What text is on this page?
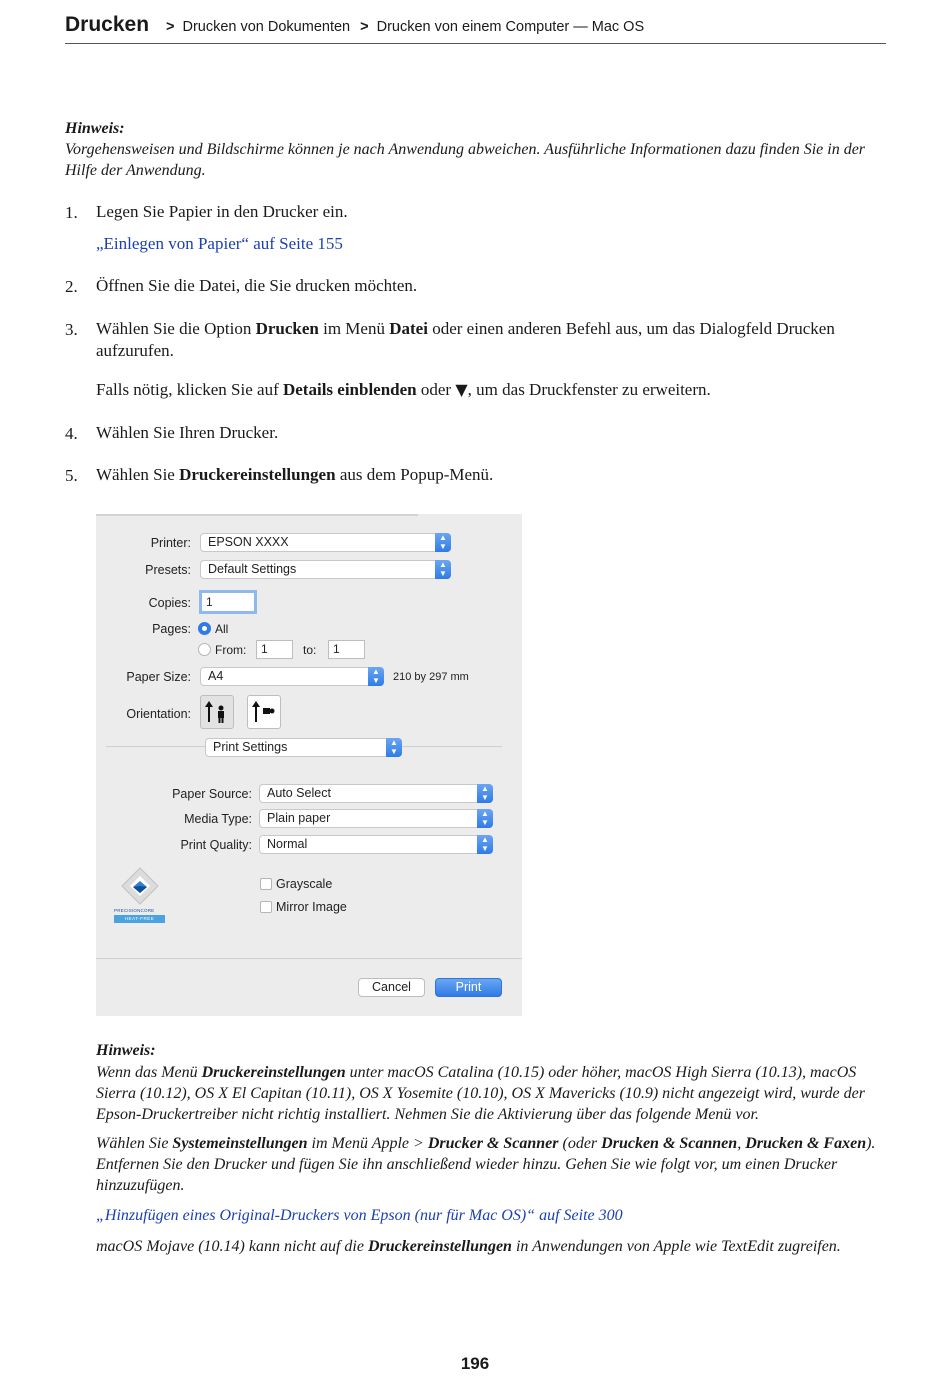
Drucken	> Drucken von Dokumenten > Drucken von einem Computer — Mac OS
Hinweis:
Vorgehensweisen und Bildschirme können je nach Anwendung abweichen. Ausführliche Informationen dazu finden Sie in der Hilfe der Anwendung.
1. Legen Sie Papier in den Drucker ein.
„Einlegen von Papier“ auf Seite 155
2. Öffnen Sie die Datei, die Sie drucken möchten.
3. Wählen Sie die Option Drucken im Menü Datei oder einen anderen Befehl aus, um das Dialogfeld Drucken aufzurufen.
Falls nötig, klicken Sie auf Details einblenden oder ▼, um das Druckfenster zu erweitern.
4. Wählen Sie Ihren Drucker.
5. Wählen Sie Druckereinstellungen aus dem Popup-Menü.
Printer:	EPSON XXXX	▲
▼
Presets:	Default Settings	▲
▼
Copies:	1
Pages: All
From:	1	to:	1
Paper Size:	A4	▲
▼	210 by 297 mm
Orientation:
Print Settings	▲
▼
Paper Source:	Auto Select	▲
▼
Media Type:	Plain paper	▲
▼
Print Quality:	Normal	▲
▼
PRECISIONCORE
HEAT-FREE
Grayscale
Mirror Image
Cancel	Print
Hinweis:
Wenn das Menü Druckereinstellungen unter macOS Catalina (10.15) oder höher, macOS High Sierra (10.13), macOS Sierra (10.12), OS X El Capitan (10.11), OS X Yosemite (10.10), OS X Mavericks (10.9) nicht angezeigt wird, wurde der Epson-Druckertreiber nicht richtig installiert. Nehmen Sie die Aktivierung über das folgende Menü vor.
Wählen Sie Systemeinstellungen im Menü Apple > Drucker & Scanner (oder Drucken & Scannen, Drucken & Faxen). Entfernen Sie den Drucker und fügen Sie ihn anschließend wieder hinzu. Gehen Sie wie folgt vor, um einen Drucker hinzuzufügen.
„Hinzufügen eines Original-Druckers von Epson (nur für Mac OS)“ auf Seite 300
macOS Mojave (10.14) kann nicht auf die Druckereinstellungen in Anwendungen von Apple wie TextEdit zugreifen.
196
